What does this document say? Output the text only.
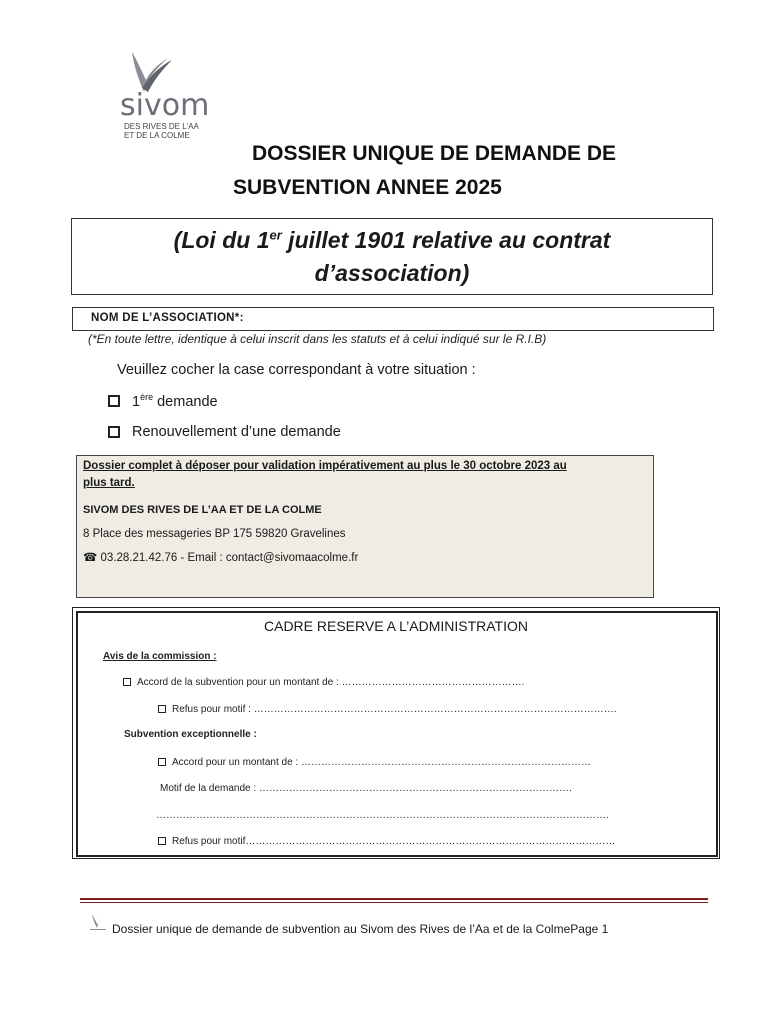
sivom
DES RIVES DE L'AA
ET DE LA COLME
DOSSIER UNIQUE DE DEMANDE DE
SUBVENTION ANNEE 2025
(Loi du 1er juillet 1901 relative au contrat
d’association)
NOM DE L’ASSOCIATION*:
(*En toute lettre, identique à celui inscrit dans les statuts et à celui indiqué sur le R.I.B)
Veuillez cocher la case correspondant à votre situation :
1ère demande
Renouvellement d’une demande
Dossier complet à déposer pour validation impérativement au plus le 30 octobre 2023 au
plus tard.
SIVOM DES RIVES DE L’AA ET DE LA COLME
8 Place des messageries BP 175 59820 Gravelines
☎ 03.28.21.42.76 - Email : contact@sivomaacolme.fr
CADRE RESERVE A L’ADMINISTRATION
Avis de la commission :
Accord de la subvention pour un montant de : ……………………………………………….
Refus pour motif : ……………………………………………………………………………………………….
Subvention exceptionnelle :
Accord pour un montant de : ……………………………………………………………………………
Motif de la demande : ………………………………………………………………………………….
……………………………………………………………………………………………………………………….
Refus pour motif…………………………………………………………………………………………………
Dossier unique de demande de subvention au Sivom des Rives de l’Aa et de la ColmePage 1
